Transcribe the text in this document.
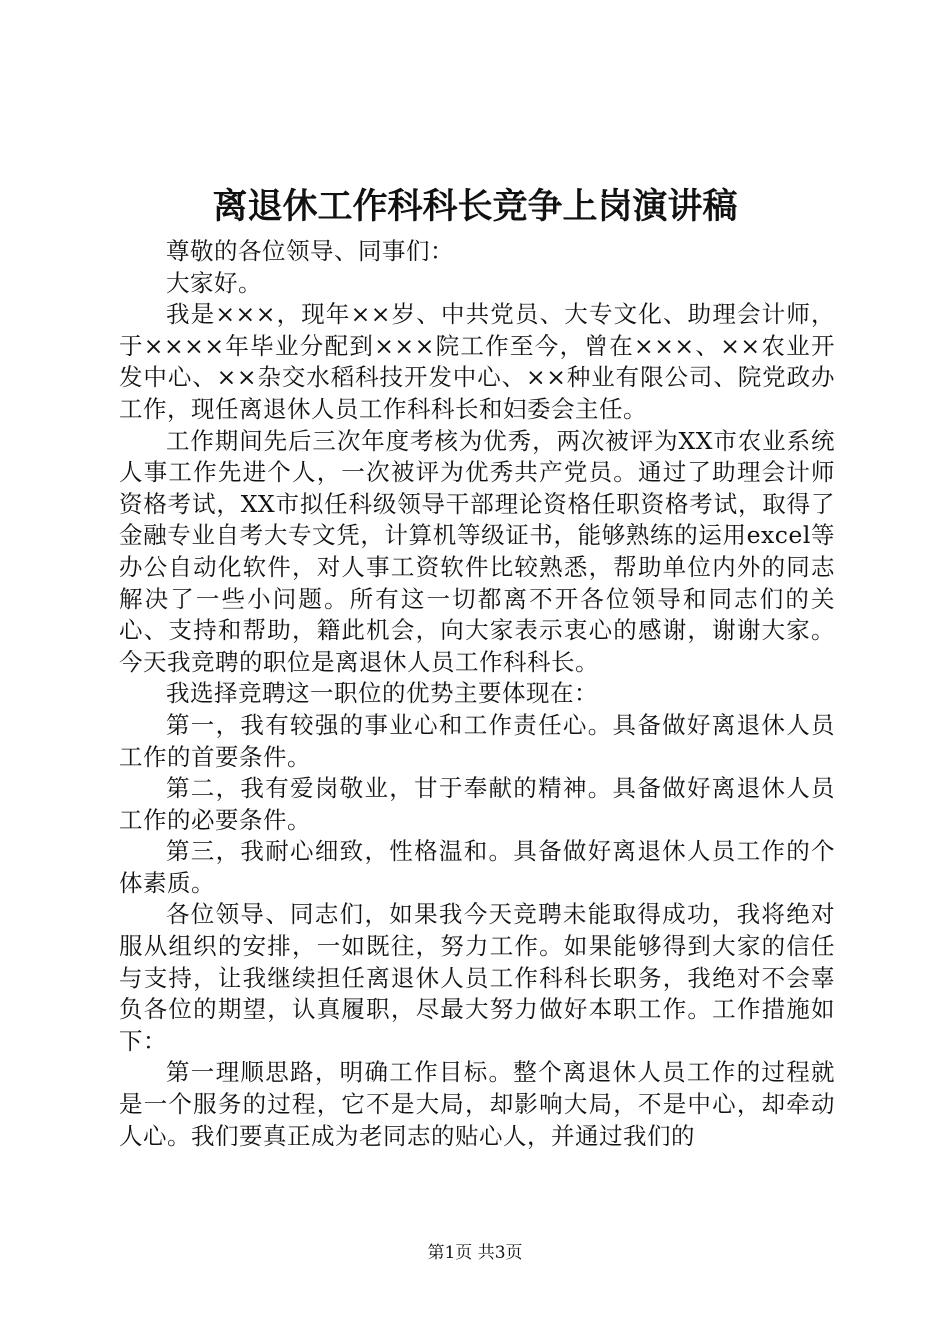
离退休工作科科长竞争上岗演讲稿

尊敬的各位领导、同事们：

大家好。

我是×××，现年××岁、中共党员、大专文化、助理会计师，于××××年毕业分配到×××院工作至今，曾在×××、××农业开发中心、××杂交水稻科技开发中心、××种业有限公司、院党政办工作，现任离退休人员工作科科长和妇委会主任。

工作期间先后三次年度考核为优秀，两次被评为XX市农业系统人事工作先进个人，一次被评为优秀共产党员。通过了助理会计师资格考试，XX市拟任科级领导干部理论资格任职资格考试，取得了金融专业自考大专文凭，计算机等级证书，能够熟练的运用excel等办公自动化软件，对人事工资软件比较熟悉，帮助单位内外的同志解决了一些小问题。所有这一切都离不开各位领导和同志们的关心、支持和帮助，籍此机会，向大家表示衷心的感谢，谢谢大家。今天我竞聘的职位是离退休人员工作科科长。

我选择竞聘这一职位的优势主要体现在：

第一，我有较强的事业心和工作责任心。具备做好离退休人员工作的首要条件。

第二，我有爱岗敬业，甘于奉献的精神。具备做好离退休人员工作的必要条件。

第三，我耐心细致，性格温和。具备做好离退休人员工作的个体素质。

各位领导、同志们，如果我今天竞聘未能取得成功，我将绝对服从组织的安排，一如既往，努力工作。如果能够得到大家的信任与支持，让我继续担任离退休人员工作科科长职务，我绝对不会辜负各位的期望，认真履职，尽最大努力做好本职工作。工作措施如下：

第一理顺思路，明确工作目标。整个离退休人员工作的过程就是一个服务的过程，它不是大局，却影响大局，不是中心，却牵动人心。我们要真正成为老同志的贴心人，并通过我们的

第1页 共3页
